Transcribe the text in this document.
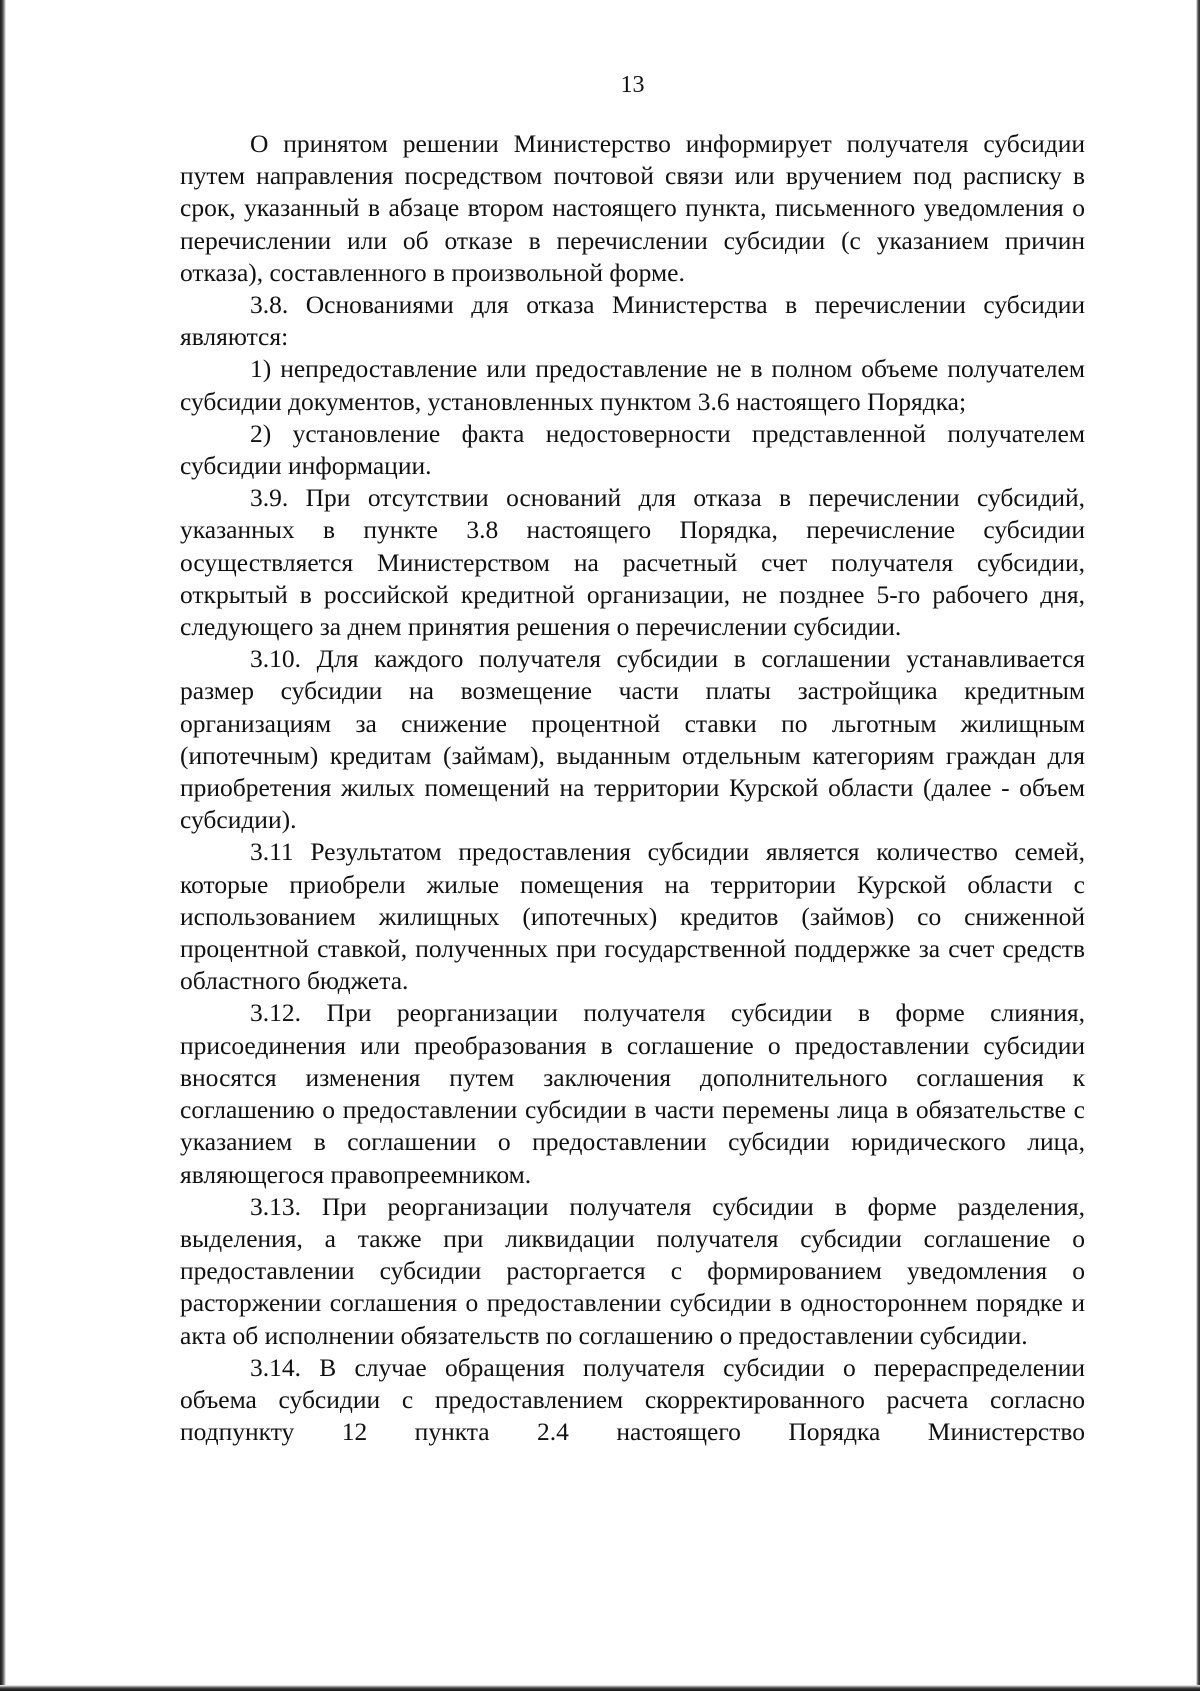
13

О принятом решении Министерство информирует получателя субсидии путем направления посредством почтовой связи или вручением под расписку в срок, указанный в абзаце втором настоящего пункта, письменного уведомления о перечислении или об отказе в перечислении субсидии (с указанием причин отказа), составленного в произвольной форме.

3.8. Основаниями для отказа Министерства в перечислении субсидии являются:

1) непредоставление или предоставление не в полном объеме получателем субсидии документов, установленных пунктом 3.6 настоящего Порядка;

2) установление факта недостоверности представленной получателем субсидии информации.

3.9. При отсутствии оснований для отказа в перечислении субсидий, указанных в пункте 3.8 настоящего Порядка, перечисление субсидии осуществляется Министерством на расчетный счет получателя субсидии, открытый в российской кредитной организации, не позднее 5-го рабочего дня, следующего за днем принятия решения о перечислении субсидии.

3.10. Для каждого получателя субсидии в соглашении устанавливается размер субсидии на возмещение части платы застройщика кредитным организациям за снижение процентной ставки по льготным жилищным (ипотечным) кредитам (займам), выданным отдельным категориям граждан для приобретения жилых помещений на территории Курской области (далее - объем субсидии).

3.11 Результатом предоставления субсидии является количество семей, которые приобрели жилые помещения на территории Курской области с использованием жилищных (ипотечных) кредитов (займов) со сниженной процентной ставкой, полученных при государственной поддержке за счет средств областного бюджета.

3.12. При реорганизации получателя субсидии в форме слияния, присоединения или преобразования в соглашение о предоставлении субсидии вносятся изменения путем заключения дополнительного соглашения к соглашению о предоставлении субсидии в части перемены лица в обязательстве с указанием в соглашении о предоставлении субсидии юридического лица, являющегося правопреемником.

3.13. При реорганизации получателя субсидии в форме разделения, выделения, а также при ликвидации получателя субсидии соглашение о предоставлении субсидии расторгается с формированием уведомления о расторжении соглашения о предоставлении субсидии в одностороннем порядке и акта об исполнении обязательств по соглашению о предоставлении субсидии.

3.14. В случае обращения получателя субсидии о перераспределении объема субсидии с предоставлением скорректированного расчета согласно подпункту 12 пункта 2.4 настоящего Порядка Министерство
